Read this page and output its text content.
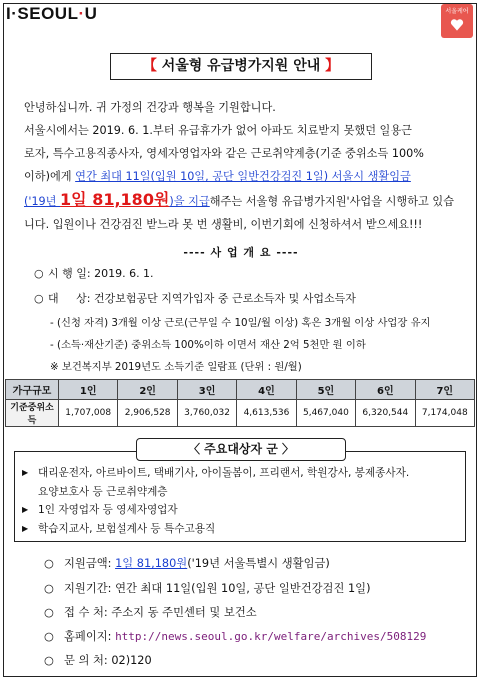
I·SEOUL·U	서울케어
【 서울형 유급병가지원 안내 】

안녕하십니까. 귀 가정의 건강과 행복을 기원합니다.

서울시에서는 2019. 6. 1.부터 유급휴가가 없어 아파도 치료받지 못했던 일용근

로자, 특수고용직종사자, 영세자영업자와 같은 근로취약계층(기준 중위소득 100%

이하)에게 연간 최대 11일(입원 10일, 공단 일반건강검진 1일) 서울시 생활임금

('19년 1일 81,180원)을 지급해주는 서울형 유급병가지원'사업을 시행하고 있습

니다. 입원이나 건강검진 받느라 못 번 생활비, 이번기회에 신청하셔서 받으세요!!!

---- 사 업 개 요 ----
○ 시 행 일: 2019. 6. 1.
○ 대     상: 건강보험공단 지역가입자 중 근로소득자 및 사업소득자
- (신청 자격) 3개월 이상 근로(근무일 수 10일/월 이상) 혹은 3개월 이상 사업장 유지
- (소득·재산기준) 중위소득 100%이하 이면서 재산 2억 5천만 원 이하
※ 보건복지부 2019년도 소득기준 일람표 (단위 : 원/월)
가구규모	1인	2인	3인	4인	5인	6인	7인
기준중위소득	1,707,008	2,906,528	3,760,032	4,613,536	5,467,040	6,320,544	7,174,048
〈 주요대상자 군 〉
▶ 대리운전자, 아르바이트, 택배기사, 아이돌봄이, 프리랜서, 학원강사, 봉제종사자.
요양보호사 등 근로취약계층
▶ 1인 자영업자 등 영세자영업자
▶ 학습지교사, 보험설계사 등 특수고용직
○ 지원금액: 1일 81,180원('19년 서울특별시 생활임금)
○ 지원기간: 연간 최대 11일(입원 10일, 공단 일반건강검진 1일)
○ 접 수 처: 주소지 동 주민센터 및 보건소
○ 홈페이지: http://news.seoul.go.kr/welfare/archives/508129
○ 문 의 처: 02)120
